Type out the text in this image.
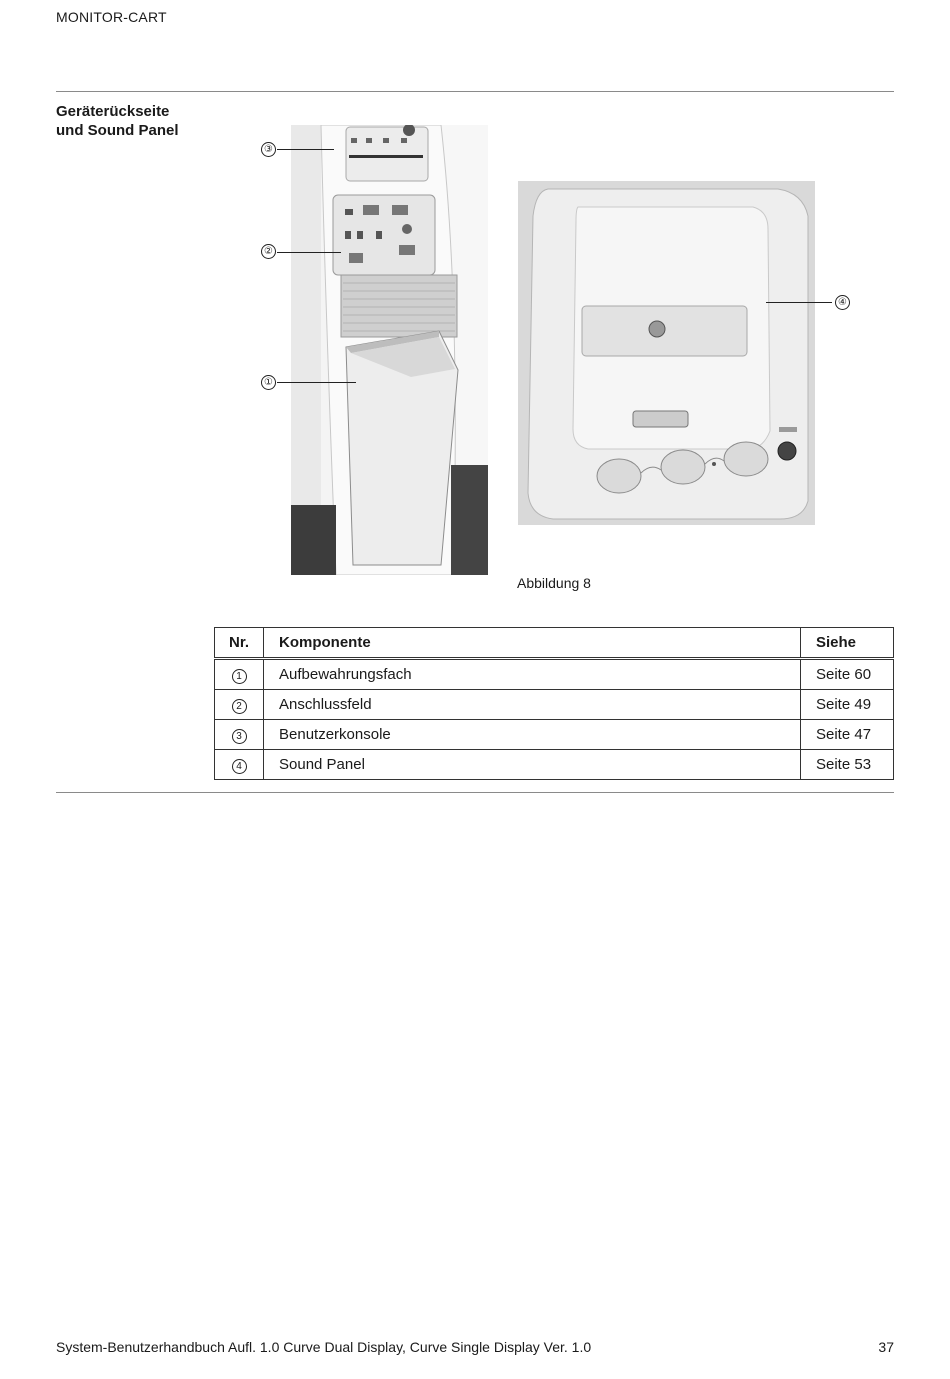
MONITOR-CART
Geräterückseite
und Sound Panel
③
②
①
④
Abbildung 8
Nr.	Komponente	Siehe
1	Aufbewahrungsfach	Seite 60
2	Anschlussfeld	Seite 49
3	Benutzerkonsole	Seite 47
4	Sound Panel	Seite 53
System-Benutzerhandbuch Aufl. 1.0 Curve Dual Display, Curve Single Display Ver. 1.0	37
